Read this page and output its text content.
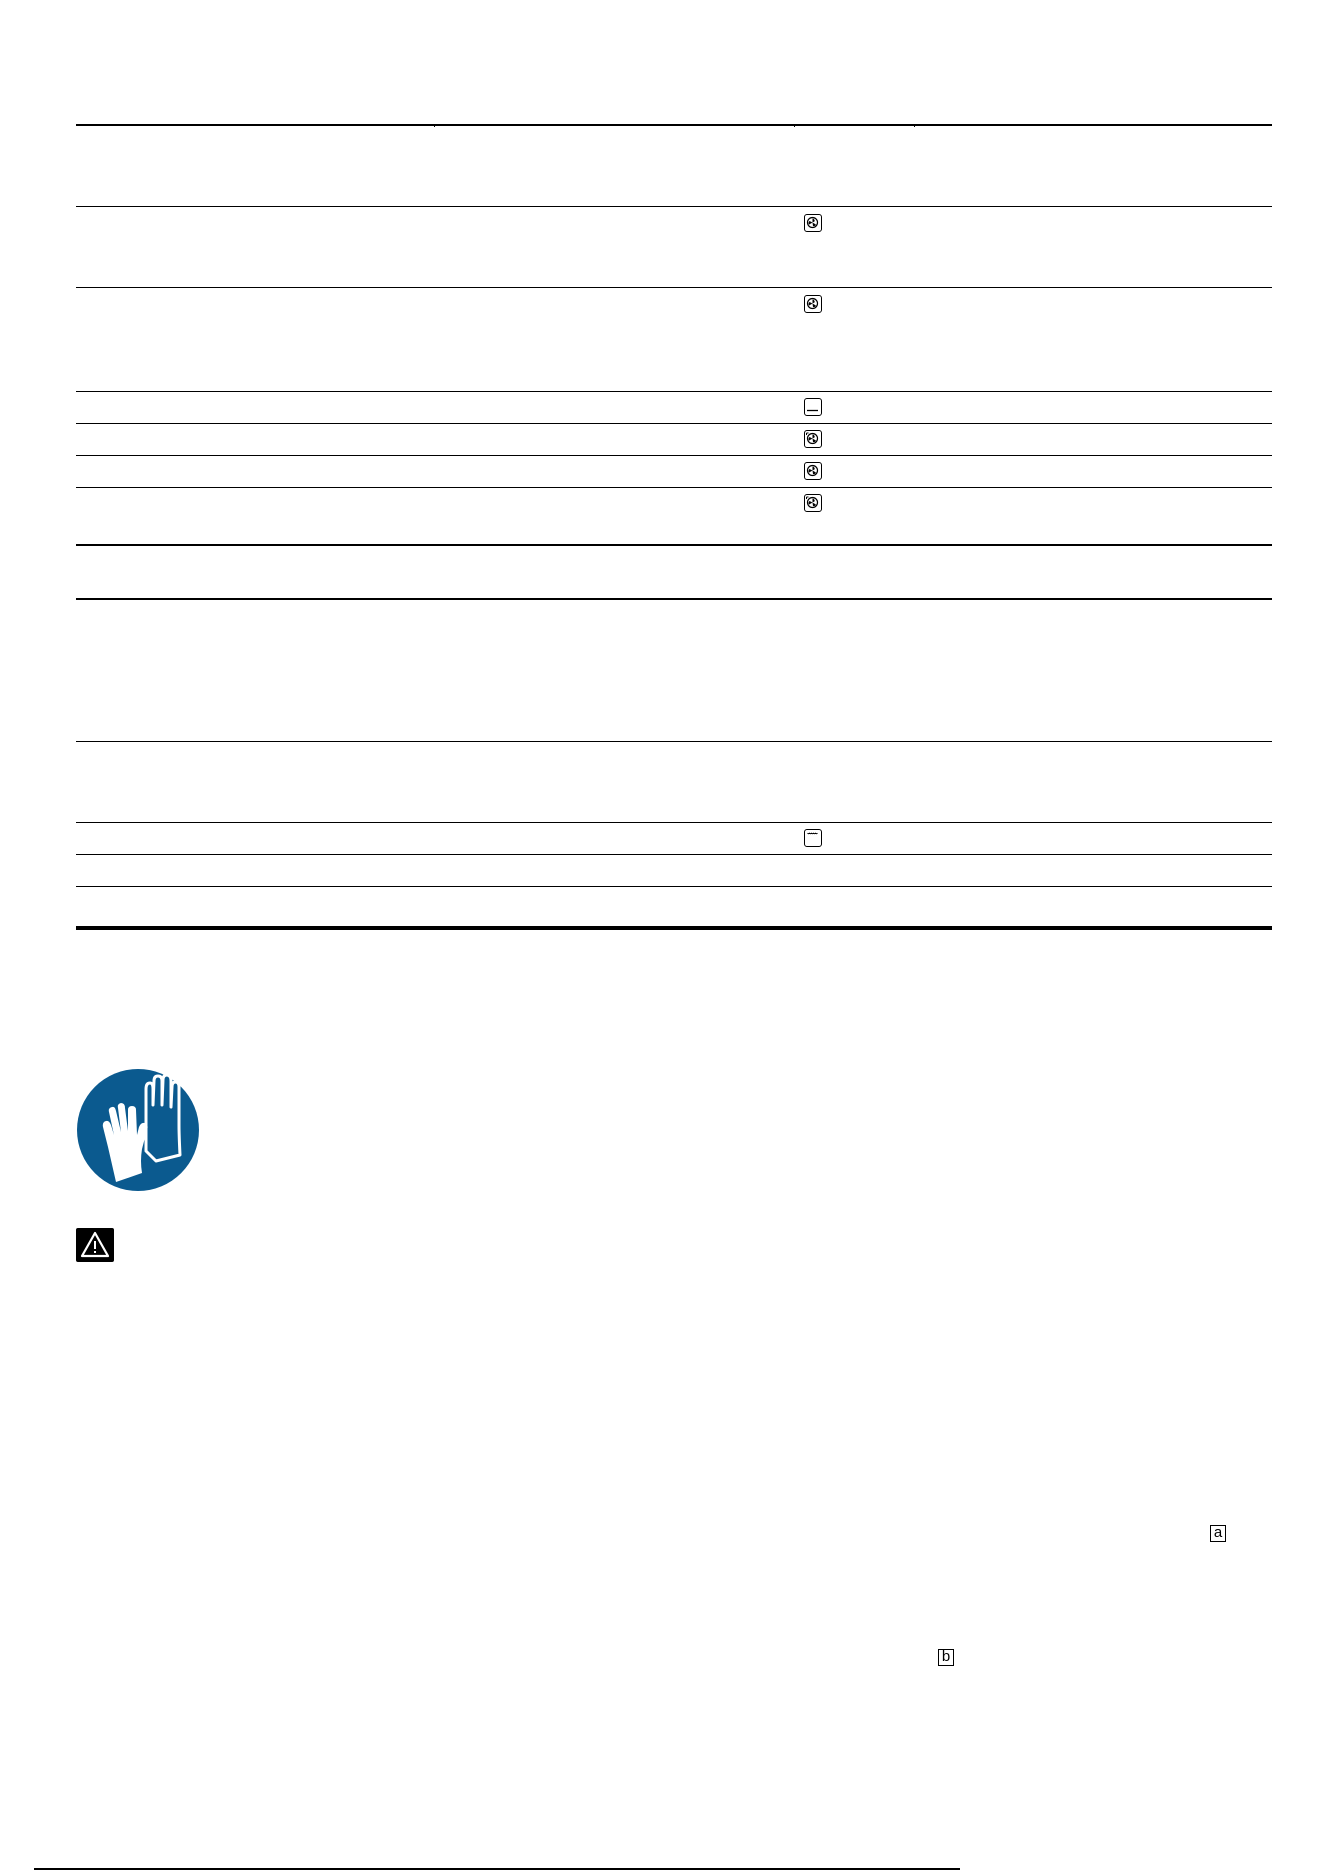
a
b
